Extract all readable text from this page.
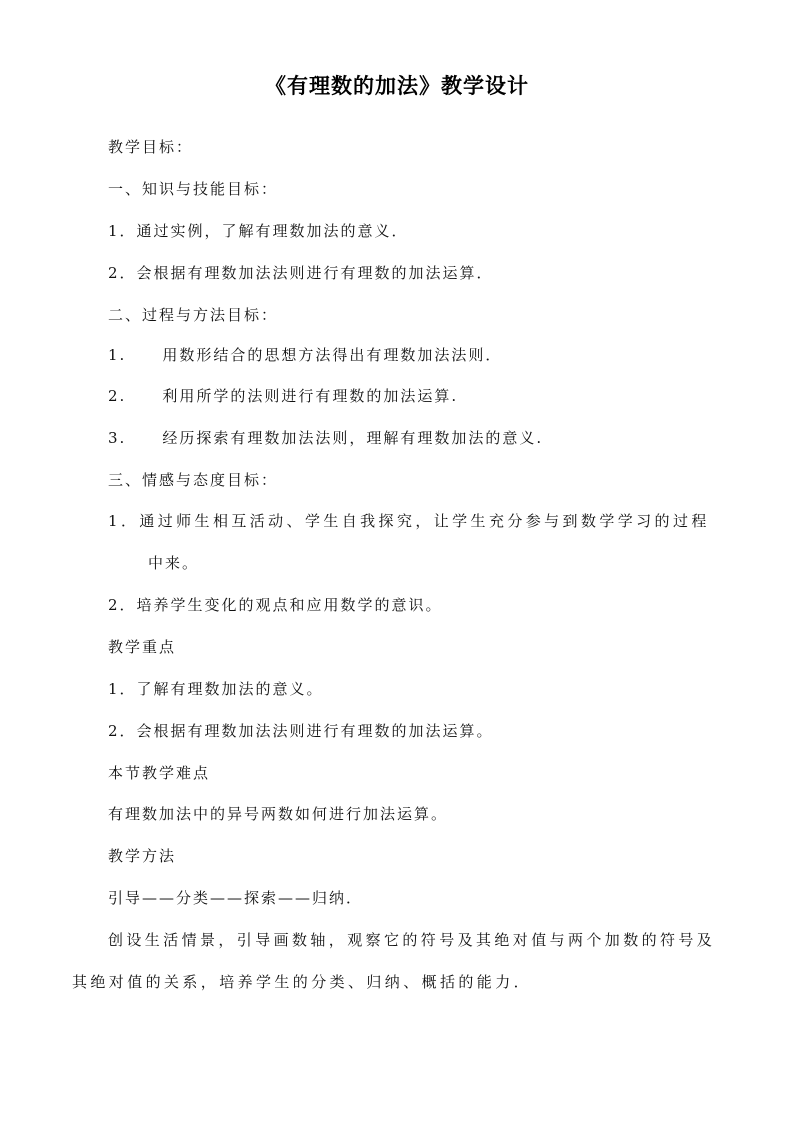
《有理数的加法》教学设计
教学目标：
一、知识与技能目标：
1．通过实例，了解有理数加法的意义．
2．会根据有理数加法法则进行有理数的加法运算．
二、过程与方法目标：
1. 用数形结合的思想方法得出有理数加法法则．
2. 利用所学的法则进行有理数的加法运算.
3. 经历探索有理数加法法则，理解有理数加法的意义.
三、情感与态度目标：
1．通过师生相互活动、学生自我探究，让学生充分参与到数学学习的过程
中来。
2．培养学生变化的观点和应用数学的意识。
教学重点
1．了解有理数加法的意义。
2．会根据有理数加法法则进行有理数的加法运算。
本节教学难点
有理数加法中的异号两数如何进行加法运算。
教学方法
引导——分类——探索——归纳．
创设生活情景，引导画数轴，观察它的符号及其绝对值与两个加数的符号及
其绝对值的关系，培养学生的分类、归纳、概括的能力．
